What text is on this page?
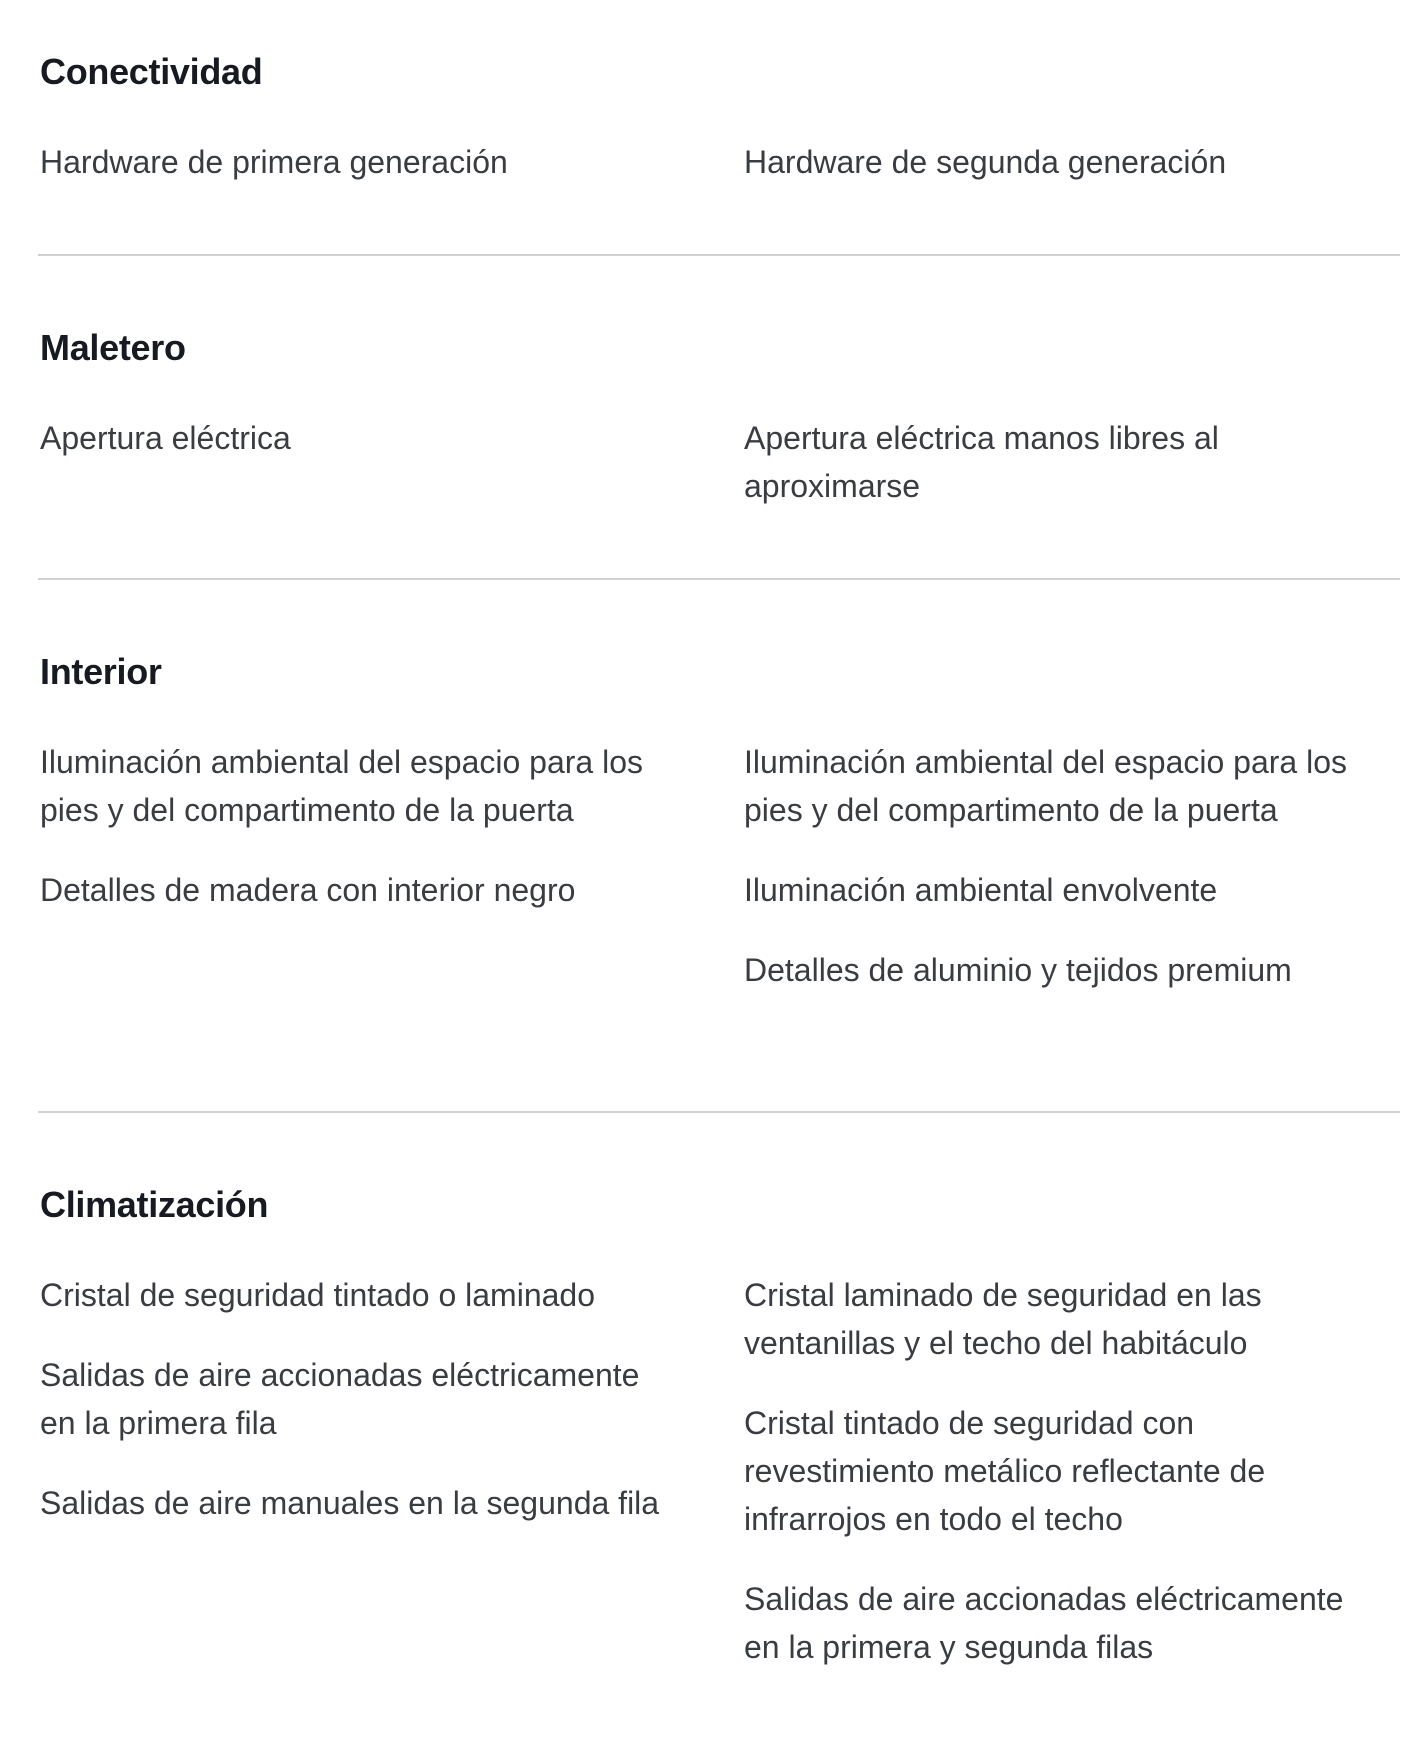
Conectividad

Hardware de primera generación	Hardware de segunda generación

Maletero

Apertura eléctrica	Apertura eléctrica manos libres al aproximarse

Interior

Iluminación ambiental del espacio para los pies y del compartimento de la puerta

Detalles de madera con interior negro

Iluminación ambiental del espacio para los pies y del compartimento de la puerta

Iluminación ambiental envolvente

Detalles de aluminio y tejidos premium

Climatización

Cristal de seguridad tintado o laminado

Salidas de aire accionadas eléctricamente en la primera fila

Salidas de aire manuales en la segunda fila

Cristal laminado de seguridad en las ventanillas y el techo del habitáculo

Cristal tintado de seguridad con revestimiento metálico reflectante de infrarrojos en todo el techo

Salidas de aire accionadas eléctricamente en la primera y segunda filas
